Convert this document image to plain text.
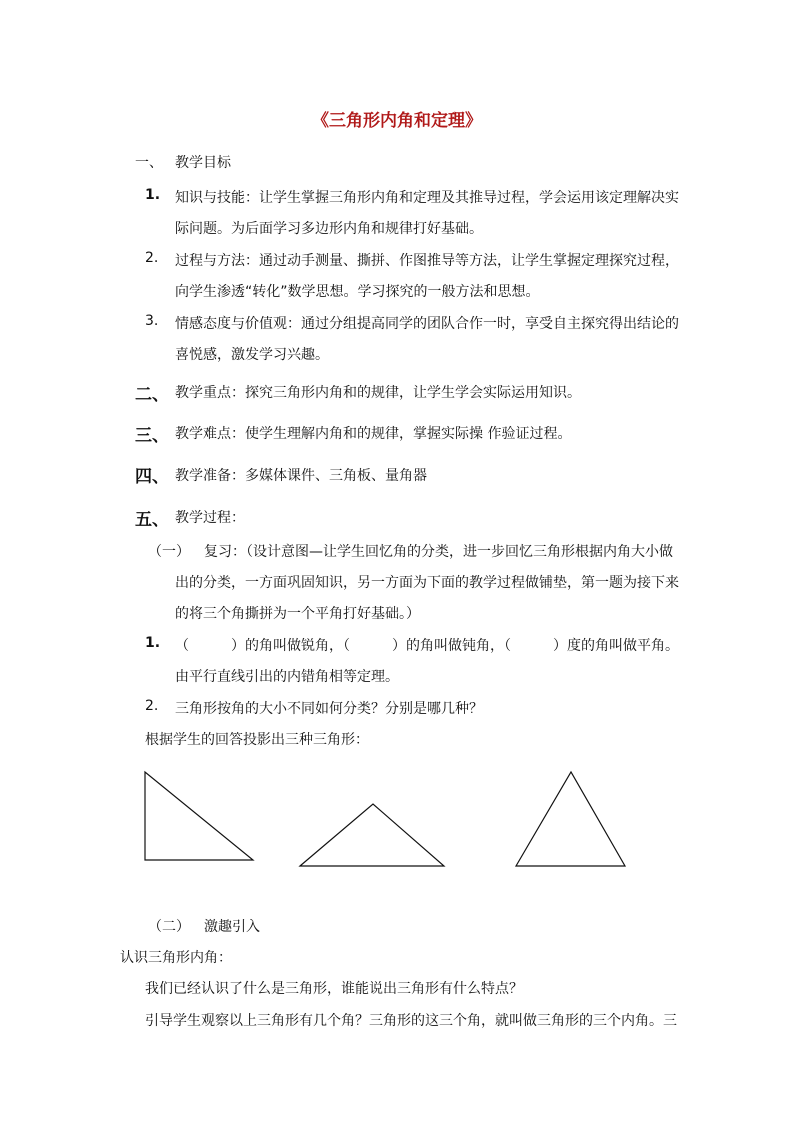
《三角形内角和定理》
一、 教学目标
1. 知识与技能：让学生掌握三角形内角和定理及其推导过程，学会运用该定理解决实
际问题。为后面学习多边形内角和规律打好基础。
2. 过程与方法：通过动手测量、撕拼、作图推导等方法，让学生掌握定理探究过程，
向学生渗透“转化”数学思想。学习探究的一般方法和思想。
3. 情感态度与价值观：通过分组提高同学的团队合作一时，享受自主探究得出结论的
喜悦感，激发学习兴趣。
二、 教学重点：探究三角形内角和的规律，让学生学会实际运用知识。
三、 教学难点：使学生理解内角和的规律，掌握实际操 作验证过程。
四、 教学准备：多媒体课件、三角板、量角器
五、 教学过程：
（一） 复习：（设计意图—让学生回忆角的分类，进一步回忆三角形根据内角大小做
出的分类，一方面巩固知识，另一方面为下面的教学过程做铺垫，第一题为接下来
的将三个角撕拼为一个平角打好基础。）
1. （　　　）的角叫做锐角，（　　　）的角叫做钝角，（　　　）度的角叫做平角。
由平行直线引出的内错角相等定理。
2. 三角形按角的大小不同如何分类？分别是哪几种？
根据学生的回答投影出三种三角形：
（二） 激趣引入
认识三角形内角：
我们已经认识了什么是三角形，谁能说出三角形有什么特点？
引导学生观察以上三角形有几个角？三角形的这三个角，就叫做三角形的三个内角。三
